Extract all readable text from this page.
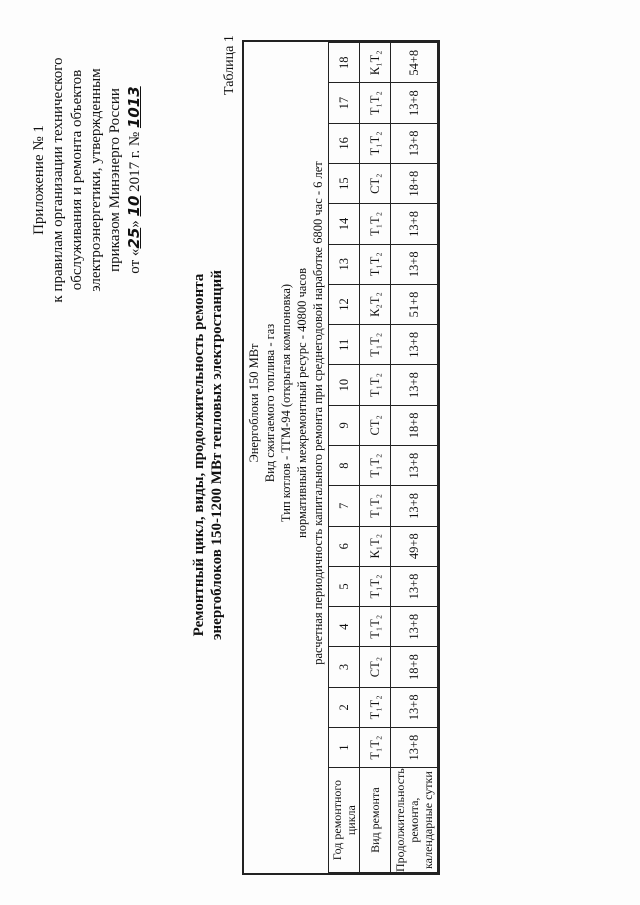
Приложение № 1 к правилам организации технического обслуживания и ремонта объектов электроэнергетики, утвержденным приказом Минэнерго России от «25» 10 2017 г. № 1013
Таблица 1
Ремонтный цикл, виды, продолжительность ремонта энергоблоков 150-1200 МВт тепловых электростанций Энергоблоки 150 МВт Вид сжигаемого топлива - газ Тип котлов - ТГМ-94 (открытая компоновка) нормативный межремонтный ресурс - 40800 часов расчетная периодичность капитального ремонта при среднегодовой наработке 6800 час - 6 лет
Год ремонтного цикла	1	2	3	4	5	6	7	8	9	10	11	12	13	14	15	16	17	18
Вид ремонта	Т₁Т₂	Т₁Т₂	СТ₂	Т₁Т₂	Т₁Т₂	К₁Т₂	Т₁Т₂	Т₁Т₂	СТ₂	Т₁Т₂	Т₁Т₂	К₂Т₂	Т₁Т₂	Т₁Т₂	СТ₂	Т₁Т₂	Т₁Т₂	К₁Т₂
Продолжительность ремонта, календарные сутки	13+8	13+8	18+8	13+8	13+8	49+8	13+8	13+8	18+8	13+8	13+8	51+8	13+8	13+8	18+8	13+8	13+8	54+8
